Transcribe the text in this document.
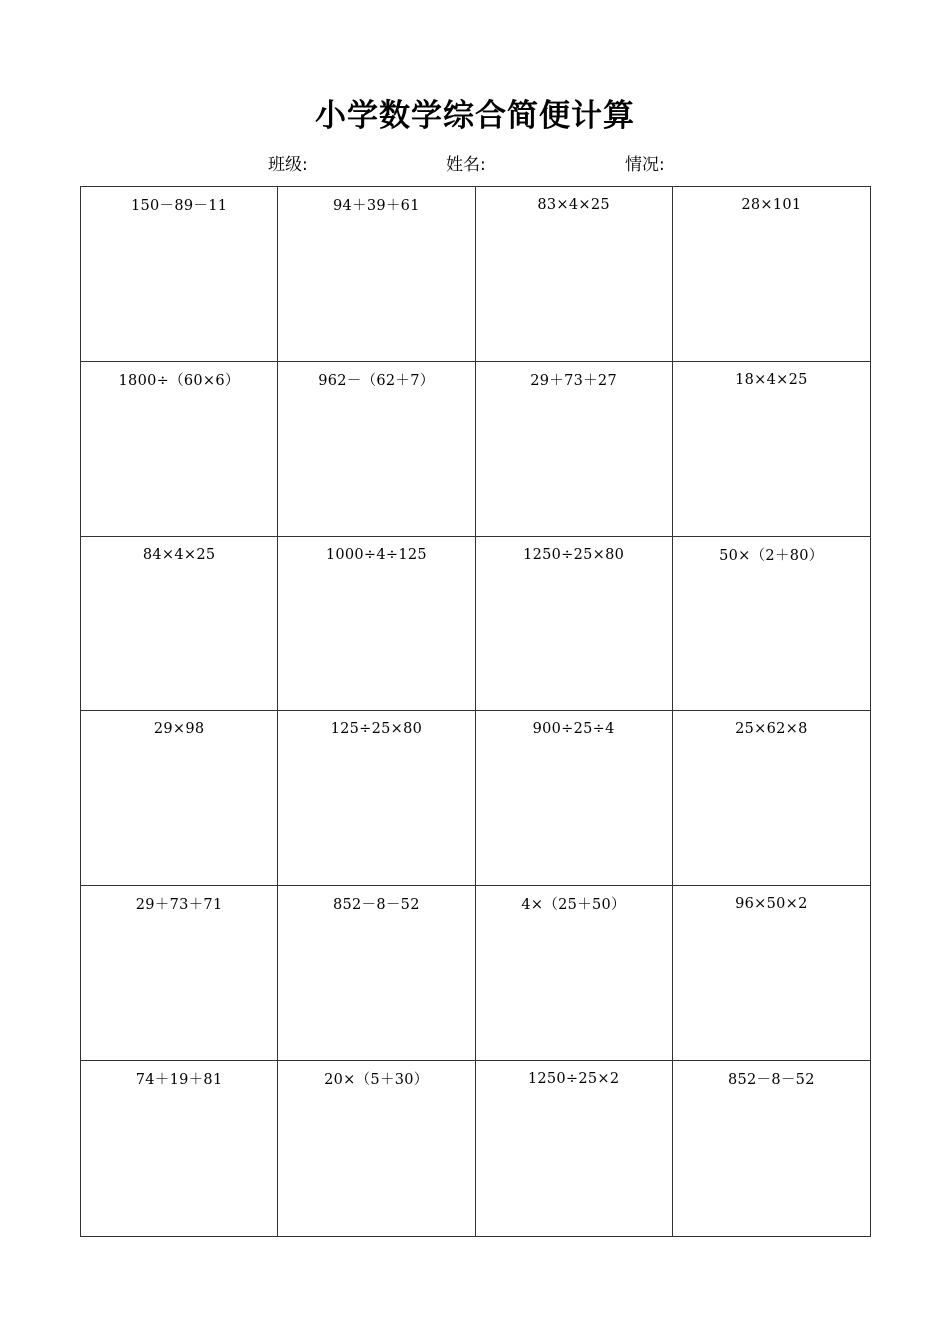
小学数学综合简便计算
班级:	姓名:	情况:
150－89－11	94＋39＋61	83×4×25	28×101
1800÷（60×6）	962－（62＋7）	29＋73＋27	18×4×25
84×4×25	1000÷4÷125	1250÷25×80	50×（2＋80）
29×98	125÷25×80	900÷25÷4	25×62×8
29＋73＋71	852－8－52	4×（25＋50）	96×50×2
74＋19＋81	20×（5＋30）	1250÷25×2	852－8－52
